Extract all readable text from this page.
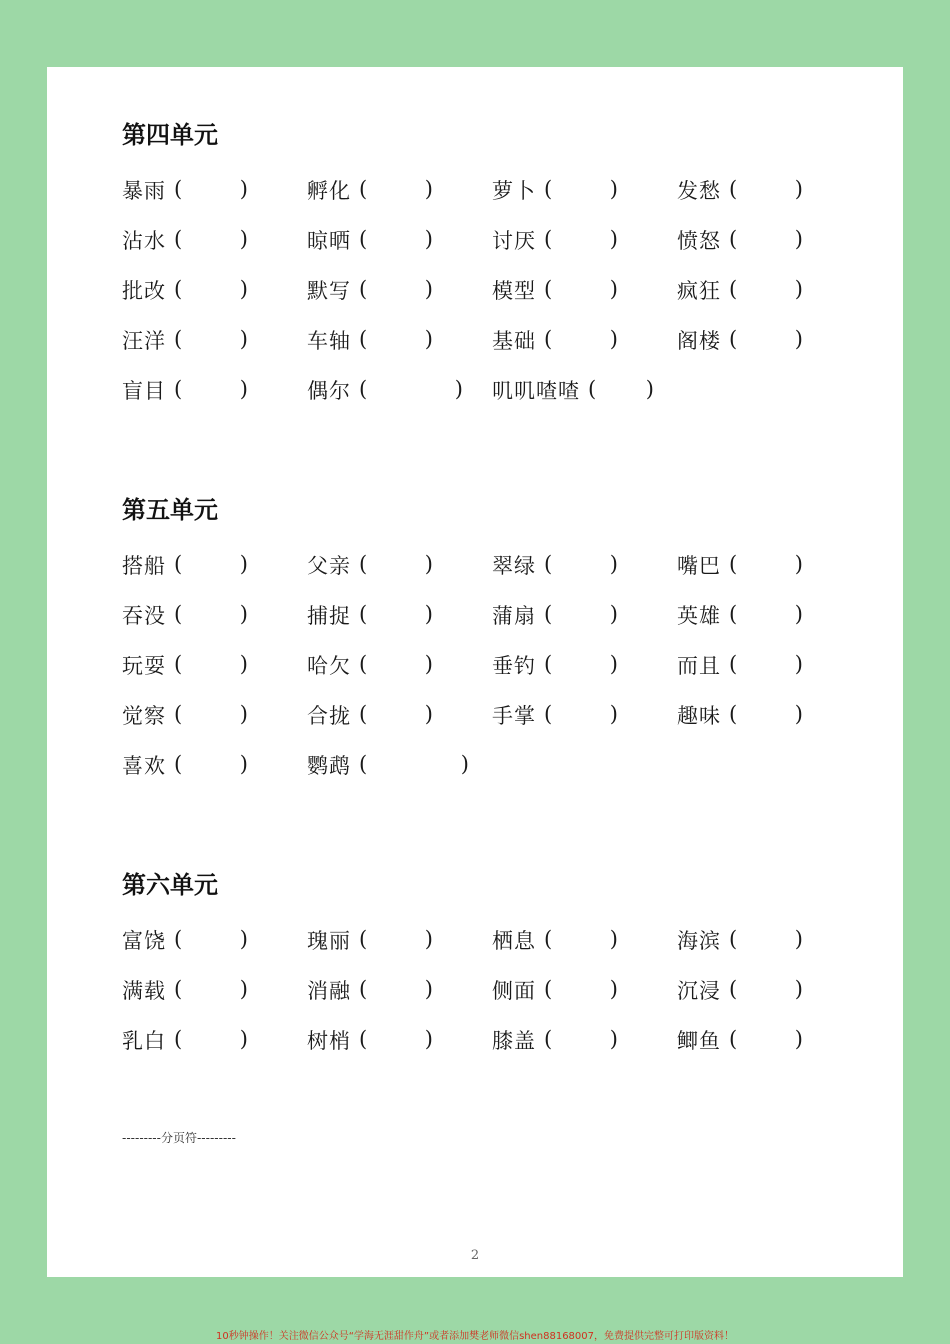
第四单元
暴雨	孵化	萝卜	发愁
沾水	晾晒	讨厌	愤怒
批改	默写	模型	疯狂
汪洋	车轴	基础	阁楼
盲目	偶尔	叽叽喳喳
第五单元
搭船	父亲	翠绿	嘴巴
吞没	捕捉	蒲扇	英雄
玩耍	哈欠	垂钓	而且
觉察	合拢	手掌	趣味
喜欢	鹦鹉
第六单元
富饶	瑰丽	栖息	海滨
满载	消融	侧面	沉浸
乳白	树梢	膝盖	鲫鱼
---------分页符---------
2
10秒钟操作！关注微信公众号“学海无涯甜作舟”或者添加樊老师微信shen88168007，免费提供完整可打印版资料！
